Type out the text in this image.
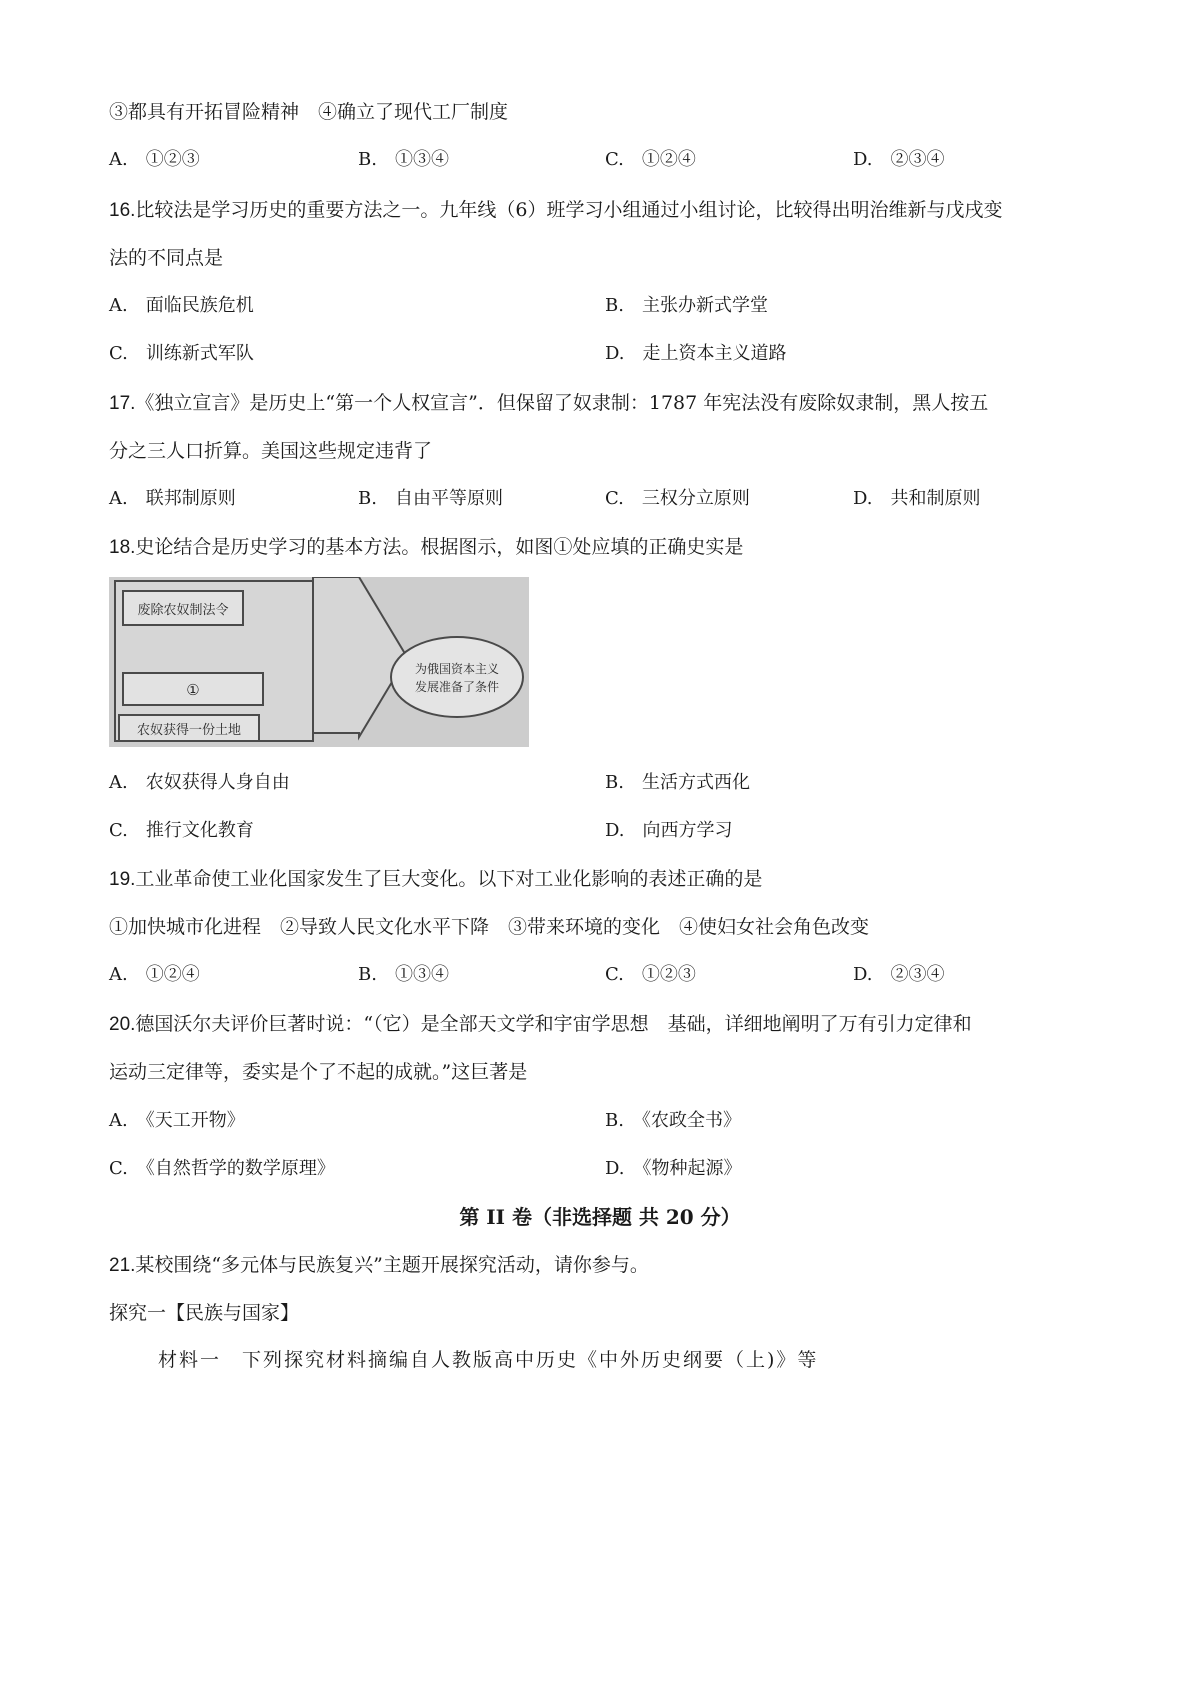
③都具有开拓冒险精神　④确立了现代工厂制度
A.　①②③	B.　①③④	C.　①②④	D.　②③④
16.比较法是学习历史的重要方法之一。九年线（6）班学习小组通过小组讨论，比较得出明治维新与戊戌变
法的不同点是
A.　面临民族危机	B.　主张办新式学堂
C.　训练新式军队	D.　走上资本主义道路
17.《独立宣言》是历史上“第一个人权宣言”．但保留了奴隶制：1787 年宪法没有废除奴隶制，黑人按五
分之三人口折算。美国这些规定违背了
A.　联邦制原则	B.　自由平等原则	C.　三权分立原则	D.　共和制原则
18.史论结合是历史学习的基本方法。根据图示，如图①处应填的正确史实是
废除农奴制法令
①
农奴获得一份土地
为俄国资本主义
发展准备了条件
A.　农奴获得人身自由	B.　生活方式西化
C.　推行文化教育	D.　向西方学习
19.工业革命使工业化国家发生了巨大变化。以下对工业化影响的表述正确的是
①加快城市化进程　②导致人民文化水平下降　③带来环境的变化　④使妇女社会角色改变
A.　①②④	B.　①③④	C.　①②③	D.　②③④
20.德国沃尔夫评价巨著时说：“（它）是全部天文学和宇宙学思想　基础，详细地阐明了万有引力定律和
运动三定律等，委实是个了不起的成就。”这巨著是
A.　《天工开物》	B.　《农政全书》
C.　《自然哲学的数学原理》	D.　《物种起源》
第 II 卷（非选择题 共 20 分）
21.某校围绕“多元体与民族复兴”主题开展探究活动，请你参与。
探究一【民族与国家】
材料一　下列探究材料摘编自人教版高中历史《中外历史纲要（上)》等
